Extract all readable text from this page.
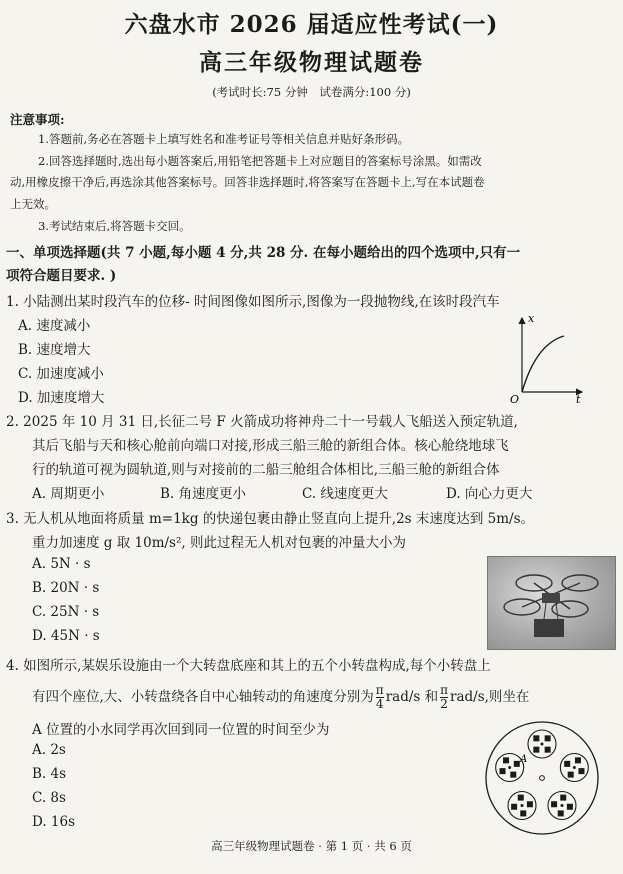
六盘水市 2026 届适应性考试(一)
高三年级物理试题卷
(考试时长:75 分钟　试卷满分:100 分)
注意事项:
1.答题前,务必在答题卡上填写姓名和准考证号等相关信息并贴好条形码。
2.回答选择题时,选出每小题答案后,用铅笔把答题卡上对应题目的答案标号涂黑。如需改
动,用橡皮擦干净后,再选涂其他答案标号。回答非选择题时,将答案写在答题卡上,写在本试题卷
上无效。
3.考试结束后,将答题卡交回。
一、单项选择题(共 7 小题,每小题 4 分,共 28 分. 在每小题给出的四个选项中,只有一
项符合题目要求. )
1. 小陆测出某时段汽车的位移- 时间图像如图所示,图像为一段抛物线,在该时段汽车
A. 速度减小
B. 速度增大
C. 加速度减小
D. 加速度增大
x
t
O
2. 2025 年 10 月 31 日,长征二号 F 火箭成功将神舟二十一号载人飞船送入预定轨道,
其后飞船与天和核心舱前向端口对接,形成三船三舱的新组合体。核心舱绕地球飞
行的轨道可视为圆轨道,则与对接前的二船三舱组合体相比,三船三舱的新组合体
A. 周期更小	B. 角速度更小	C. 线速度更大	D. 向心力更大
3. 无人机从地面将质量 m=1kg 的快递包裹由静止竖直向上提升,2s 末速度达到 5m/s。
重力加速度 g 取 10m/s², 则此过程无人机对包裹的冲量大小为
A. 5N · s
B. 20N · s
C. 25N · s
D. 45N · s
4. 如图所示,某娱乐设施由一个大转盘底座和其上的五个小转盘构成,每个小转盘上
有四个座位,大、小转盘绕各自中心轴转动的角速度分别为 $\frac{\pi}{4} rad/s$ 和 $\frac{\pi}{2} rad/s$,则坐在
A 位置的小水同学再次回到同一位置的时间至少为
A. 2s
B. 4s
C. 8s
D. 16s
A
高三年级物理试题卷 · 第 1 页 · 共 6 页
